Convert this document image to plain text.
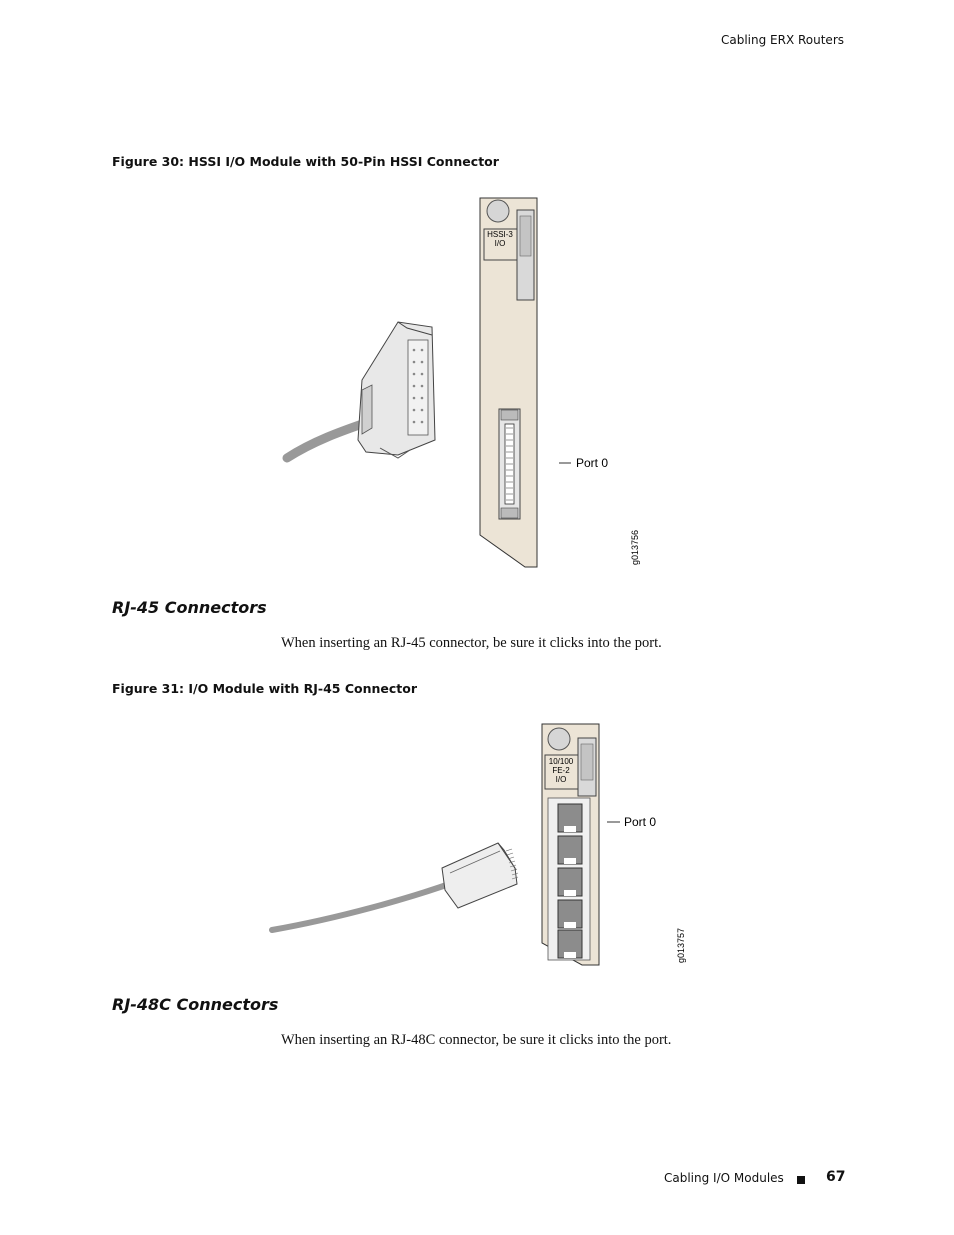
Cabling ERX Routers
Figure 30: HSSI I/O Module with 50-Pin HSSI Connector
HSSI-3
I/O
Port 0
g013756
RJ-45 Connectors
When inserting an RJ-45 connector, be sure it clicks into the port.
Figure 31: I/O Module with RJ-45 Connector
10/100
FE-2
I/O
Port 0
g013757
RJ-48C Connectors
When inserting an RJ-48C connector, be sure it clicks into the port.
Cabling I/O Modules	67
